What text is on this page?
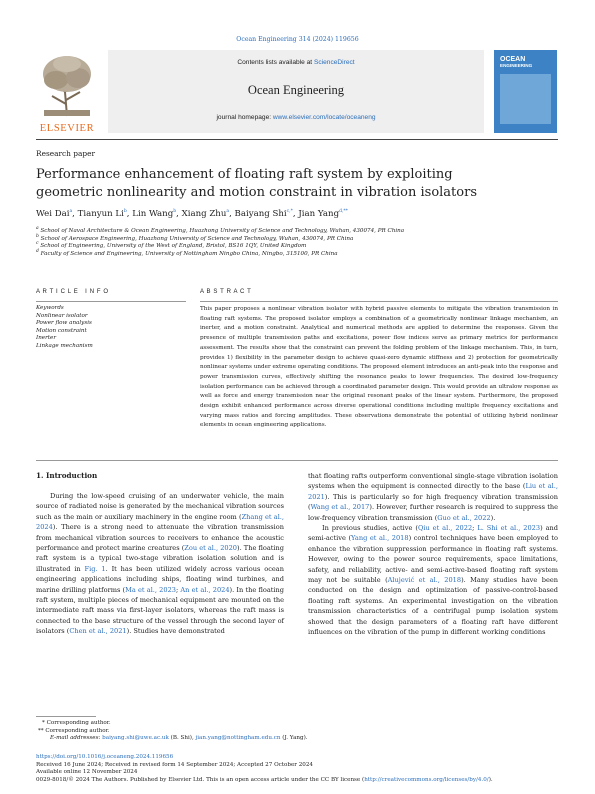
Ocean Engineering 314 (2024) 119656
ELSEVIER
Contents lists available at ScienceDirect
Ocean Engineering
journal homepage: www.elsevier.com/locate/oceaneng
OCEAN
ENGINEERING
Research paper
Performance enhancement of floating raft system by exploiting geometric nonlinearity and motion constraint in vibration isolators
Wei Dai$^a$, Tianyun Li$^b$, Lin Wang$^b$, Xiang Zhu$^a$, Baiyang Shi$^{c,*}$, Jian Yang$^{d,**}$
$^a$ School of Naval Architecture & Ocean Engineering, Huazhong University of Science and Technology, Wuhan, 430074, PR China
$^b$ School of Aerospace Engineering, Huazhong University of Science and Technology, Wuhan, 430074, PR China
$^c$ School of Engineering, University of the West of England, Bristol, BS16 1QY, United Kingdom
$^d$ Faculty of Science and Engineering, University of Nottingham Ningbo China, Ningbo, 315100, PR China
A R T I C L E   I N F O
Keywords
Nonlinear isolator
Power flow analysis
Motion constraint
Inerter
Linkage mechanism
A B S T R A C T
This paper proposes a nonlinear vibration isolator with hybrid passive elements to mitigate the vibration transmission in floating raft systems. The proposed isolator employs a combination of a geometrically nonlinear linkage mechanism, an inerter, and a motion constraint. Analytical and numerical methods are applied to determine the responses. Given the presence of multiple transmission paths and excitations, power flow indices serve as primary metrics for performance assessment. The results show that the constraint can prevent the folding problem of the linkage mechanism. This, in turn, provides 1) flexibility in the parameter design to achieve quasi-zero dynamic stiffness and 2) protection for geometrically nonlinear systems under extreme operating conditions. The proposed element introduces an anti-peak into the response and power transmission curves, effectively shifting the resonance peaks to lower frequencies. The desired low-frequency isolation performance can be achieved through a coordinated parameter design. This would provide an ultralow response as well as force and energy transmission near the original resonant peaks of the linear system. Furthermore, the proposed design exhibit enhanced performance across diverse operational conditions including multiple frequency excitations and varying mass ratios and forcing amplitudes. These observations demonstrate the potential of utilizing hybrid nonlinear elements in ocean engineering applications.
1. Introduction

During the low-speed cruising of an underwater vehicle, the main source of radiated noise is generated by the mechanical vibration sources such as the main or auxiliary machinery in the engine room (Zhang et al., 2024). There is a strong need to attenuate the vibration transmission from mechanical vibration sources to receivers to enhance the acoustic performance and protect marine creatures (Zou et al., 2020). The floating raft system is a typical two-stage vibration isolation solution and is illustrated in Fig. 1. It has been utilized widely across various ocean engineering applications including ships, floating wind turbines, and marine drilling platforms (Ma et al., 2023; An et al., 2024). In the floating raft system, multiple pieces of mechanical equipment are mounted on the intermediate raft mass via first-layer isolators, whereas the raft mass is connected to the base structure of the vessel through the second layer of isolators (Chen et al., 2021). Studies have demonstrated

that floating rafts outperform conventional single-stage vibration isolation systems when the equipment is connected directly to the base (Liu et al., 2021). This is particularly so for high frequency vibration transmission (Wang et al., 2017). However, further research is required to suppress the low-frequency vibration transmission (Guo et al., 2022).

In previous studies, active (Qiu et al., 2022; L. Shi et al., 2023) and semi-active (Yang et al., 2018) control techniques have been employed to enhance the vibration suppression performance in floating raft systems. However, owing to the power source requirements, space limitations, safety, and reliability, active- and semi-active-based floating raft system may not be suitable (Alujević et al., 2018). Many studies have been conducted on the design and optimization of passive-control-based floating raft systems. An experimental investigation on the vibration transmission characteristics of a centrifugal pump isolation system showed that the design parameters of a floating raft have different influences on the vibration of the pump in different working conditions

* Corresponding author.
** Corresponding author.
E-mail addresses: baiyang.shi@uwe.ac.uk (B. Shi), jian.yang@nottingham.edu.cn (J. Yang).
https://doi.org/10.1016/j.oceaneng.2024.119656
Received 16 June 2024; Received in revised form 14 September 2024; Accepted 27 October 2024
Available online 12 November 2024
0029-8018/© 2024 The Authors. Published by Elsevier Ltd. This is an open access article under the CC BY license (http://creativecommons.org/licenses/by/4.0/).
